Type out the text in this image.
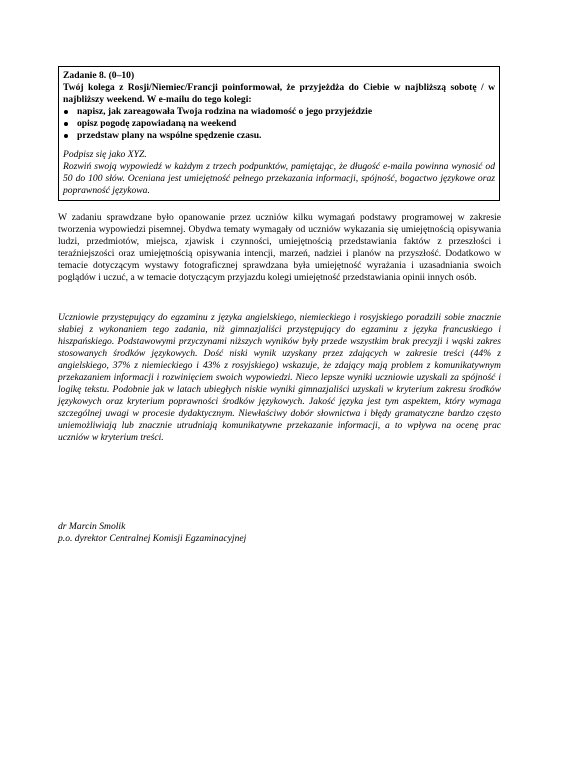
Zadanie 8. (0–10)
Twój kolega z Rosji/Niemiec/Francji poinformował, że przyjeżdża do Ciebie w najbliższą sobotę / w najbliższy weekend. W e-mailu do tego kolegi:
napisz, jak zareagowała Twoja rodzina na wiadomość o jego przyjeździe
opisz pogodę zapowiadaną na weekend
przedstaw plany na wspólne spędzenie czasu.
Podpisz się jako XYZ.
Rozwiń swoją wypowiedź w każdym z trzech podpunktów, pamiętając, że długość e-maila powinna wynosić od 50 do 100 słów. Oceniana jest umiejętność pełnego przekazania informacji, spójność, bogactwo językowe oraz poprawność językowa.

W zadaniu sprawdzane było opanowanie przez uczniów kilku wymagań podstawy programowej w zakresie tworzenia wypowiedzi pisemnej. Obydwa tematy wymagały od uczniów wykazania się umiejętnością opisywania ludzi, przedmiotów, miejsca, zjawisk i czynności, umiejętnością przedstawiania faktów z przeszłości i teraźniejszości oraz umiejętnością opisywania intencji, marzeń, nadziei i planów na przyszłość. Dodatkowo w temacie dotyczącym wystawy fotograficznej sprawdzana była umiejętność wyrażania i uzasadniania swoich poglądów i uczuć, a w temacie dotyczącym przyjazdu kolegi umiejętność przedstawiania opinii innych osób.

Uczniowie przystępujący do egzaminu z języka angielskiego, niemieckiego i rosyjskiego poradzili sobie znacznie słabiej z wykonaniem tego zadania, niż gimnazjaliści przystępujący do egzaminu z języka francuskiego i hiszpańskiego. Podstawowymi przyczynami niższych wyników były przede wszystkim brak precyzji i wąski zakres stosowanych środków językowych. Dość niski wynik uzyskany przez zdających w zakresie treści (44% z angielskiego, 37% z niemieckiego i 43% z rosyjskiego) wskazuje, że zdający mają problem z komunikatywnym przekazaniem informacji i rozwinięciem swoich wypowiedzi. Nieco lepsze wyniki uczniowie uzyskali za spójność i logikę tekstu. Podobnie jak w latach ubiegłych niskie wyniki gimnazjaliści uzyskali w kryterium zakresu środków językowych oraz kryterium poprawności środków językowych. Jakość języka jest tym aspektem, który wymaga szczególnej uwagi w procesie dydaktycznym. Niewłaściwy dobór słownictwa i błędy gramatyczne bardzo często uniemożliwiają lub znacznie utrudniają komunikatywne przekazanie informacji, a to wpływa na ocenę prac uczniów w kryterium treści.

dr Marcin Smolik
p.o. dyrektor Centralnej Komisji Egzaminacyjnej
